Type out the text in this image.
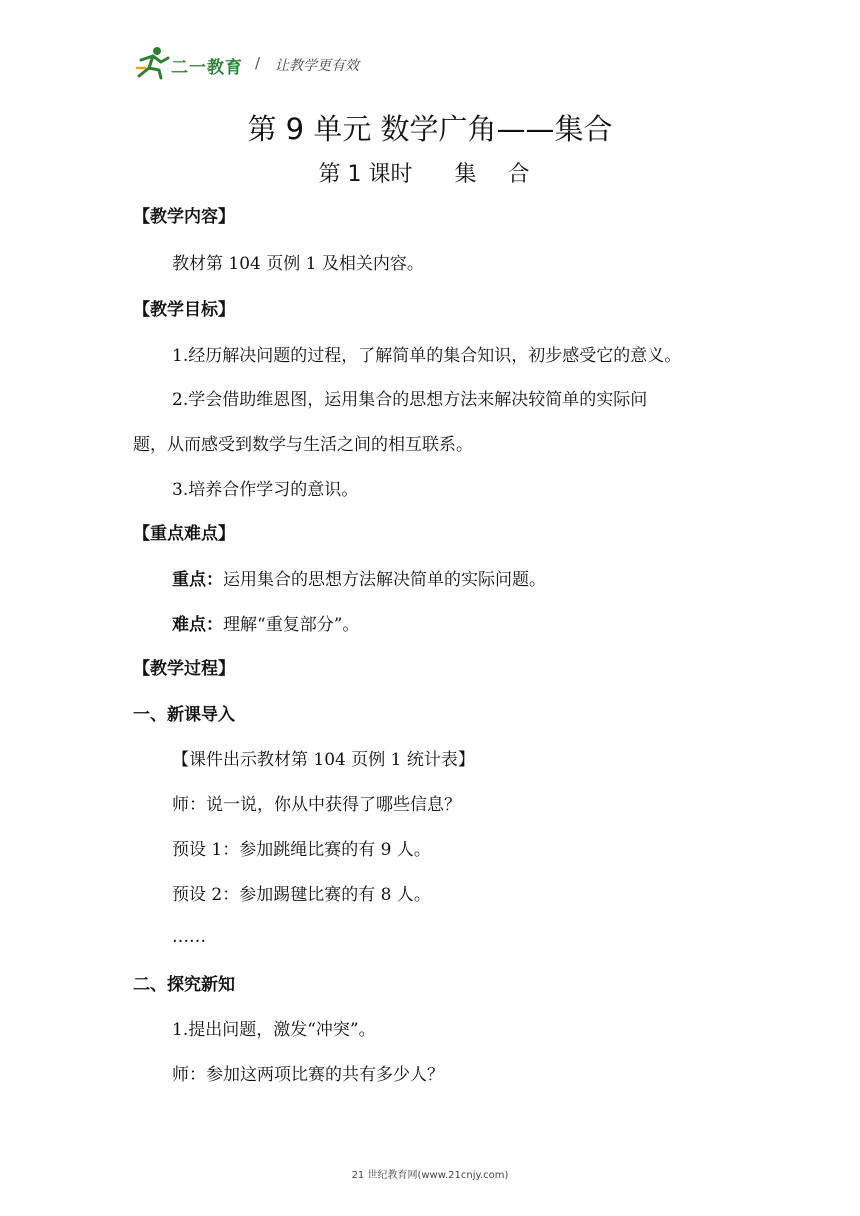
二一教育 / 让教学更有效
第 9 单元 数学广角——集合
第 1 课时 集 合
【教学内容】
教材第 104 页例 1 及相关内容。
【教学目标】
1.经历解决问题的过程，了解简单的集合知识，初步感受它的意义。
2.学会借助维恩图，运用集合的思想方法来解决较简单的实际问
题，从而感受到数学与生活之间的相互联系。
3.培养合作学习的意识。
【重点难点】
重点：运用集合的思想方法解决简单的实际问题。
难点：理解“重复部分”。
【教学过程】
一、新课导入
【课件出示教材第 104 页例 1 统计表】
师：说一说，你从中获得了哪些信息？
预设 1：参加跳绳比赛的有 9 人。
预设 2：参加踢毽比赛的有 8 人。
……
二、探究新知
1.提出问题，激发“冲突”。
师：参加这两项比赛的共有多少人？
21 世纪教育网(www.21cnjy.com)
